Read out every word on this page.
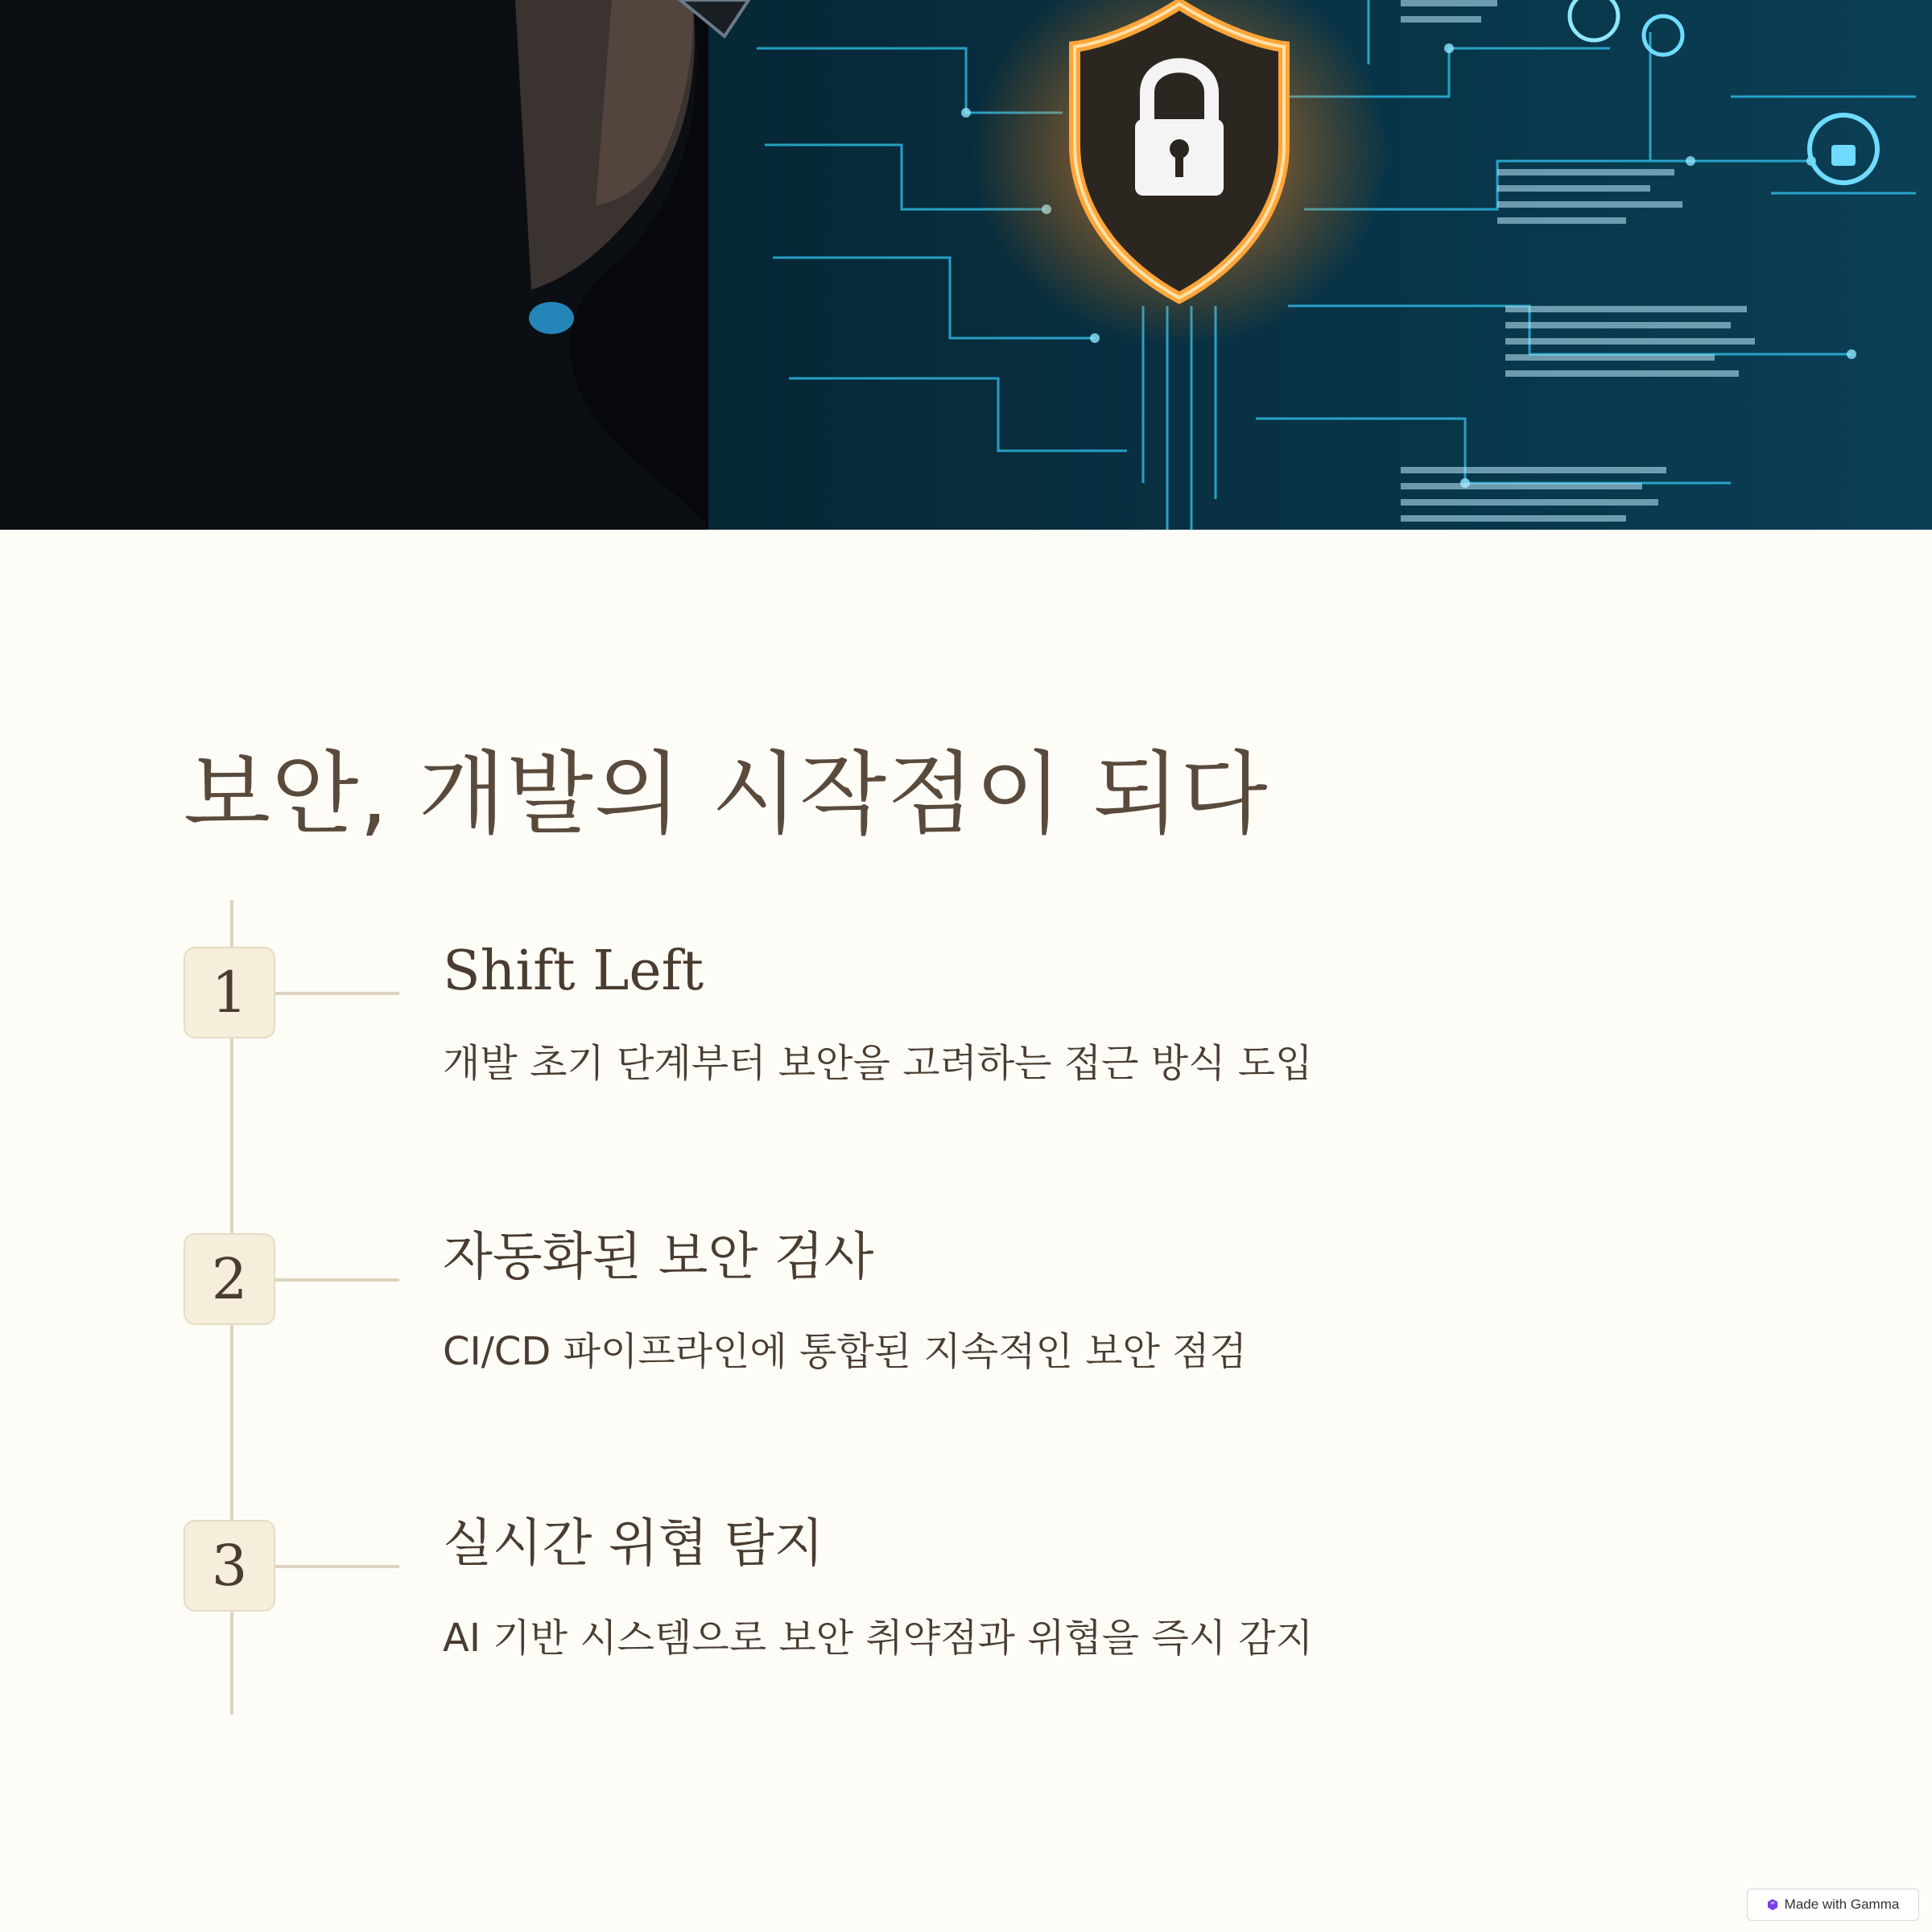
보안, 개발의 시작점이 되다
1	Shift Left

개발 초기 단계부터 보안을 고려하는 접근 방식 도입

2	자동화된 보안 검사

CI/CD 파이프라인에 통합된 지속적인 보안 점검

3	실시간 위협 탐지

AI 기반 시스템으로 보안 취약점과 위협을 즉시 감지

Made with Gamma
